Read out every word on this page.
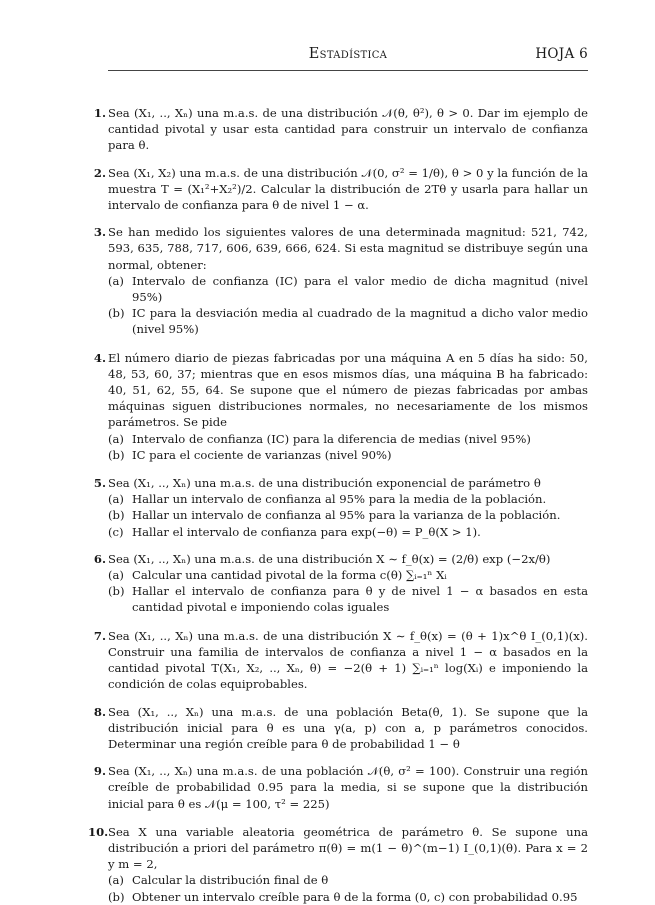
Estadística	HOJA 6
1. Sea (X₁, .., Xₙ) una m.a.s. de una distribución 𝒩(θ, θ²), θ > 0. Dar im ejemplo de cantidad pivotal y usar esta cantidad para construir un intervalo de confianza para θ.
2. Sea (X₁, X₂) una m.a.s. de una distribución 𝒩(0, σ² = 1/θ), θ > 0 y la función de la muestra T = (X₁²+X₂²)/2. Calcular la distribución de 2Tθ y usarla para hallar un intervalo de confianza para θ de nivel 1 − α.
3. Se han medido los siguientes valores de una determinada magnitud: 521, 742, 593, 635, 788, 717, 606, 639, 666, 624. Si esta magnitud se distribuye según una normal, obtener:
(a) Intervalo de confianza (IC) para el valor medio de dicha magnitud (nivel 95%)
(b) IC para la desviación media al cuadrado de la magnitud a dicho valor medio (nivel 95%)
4. El número diario de piezas fabricadas por una máquina A en 5 días ha sido: 50, 48, 53, 60, 37; mientras que en esos mismos días, una máquina B ha fabricado: 40, 51, 62, 55, 64. Se supone que el número de piezas fabricadas por ambas máquinas siguen distribuciones normales, no necesariamente de los mismos parámetros. Se pide
(a) Intervalo de confianza (IC) para la diferencia de medias (nivel 95%)
(b) IC para el cociente de varianzas (nivel 90%)
5. Sea (X₁, .., Xₙ) una m.a.s. de una distribución exponencial de parámetro θ
(a) Hallar un intervalo de confianza al 95% para la media de la población.
(b) Hallar un intervalo de confianza al 95% para la varianza de la población.
(c) Hallar el intervalo de confianza para exp(−θ) = P_θ(X > 1).
6. Sea (X₁, .., Xₙ) una m.a.s. de una distribución X ∼ f_θ(x) = (2/θ) exp (−2x/θ)
(a) Calcular una cantidad pivotal de la forma c(θ) ∑ᵢ₌₁ⁿ Xᵢ
(b) Hallar el intervalo de confianza para θ y de nivel 1 − α basados en esta cantidad pivotal e imponiendo colas iguales
7. Sea (X₁, .., Xₙ) una m.a.s. de una distribución X ∼ f_θ(x) = (θ + 1)x^θ I_(0,1)(x). Construir una familia de intervalos de confianza a nivel 1 − α basados en la cantidad pivotal T(X₁, X₂, .., Xₙ, θ) = −2(θ + 1) ∑ᵢ₌₁ⁿ log(Xᵢ) e imponiendo la condición de colas equiprobables.
8. Sea (X₁, .., Xₙ) una m.a.s. de una población Beta(θ, 1). Se supone que la distribución inicial para θ es una γ(a, p) con a, p parámetros conocidos. Determinar una región creíble para θ de probabilidad 1 − θ
9. Sea (X₁, .., Xₙ) una m.a.s. de una población 𝒩(θ, σ² = 100). Construir una región creíble de probabilidad 0.95 para la media, si se supone que la distribución inicial para θ es 𝒩(μ = 100, τ² = 225)
10. Sea X una variable aleatoria geométrica de parámetro θ. Se supone una distribución a priori del parámetro π(θ) = m(1 − θ)^(m−1) I_(0,1)(θ). Para x = 2 y m = 2,
(a) Calcular la distribución final de θ
(b) Obtener un intervalo creíble para θ de la forma (0, c) con probabilidad 0.95
